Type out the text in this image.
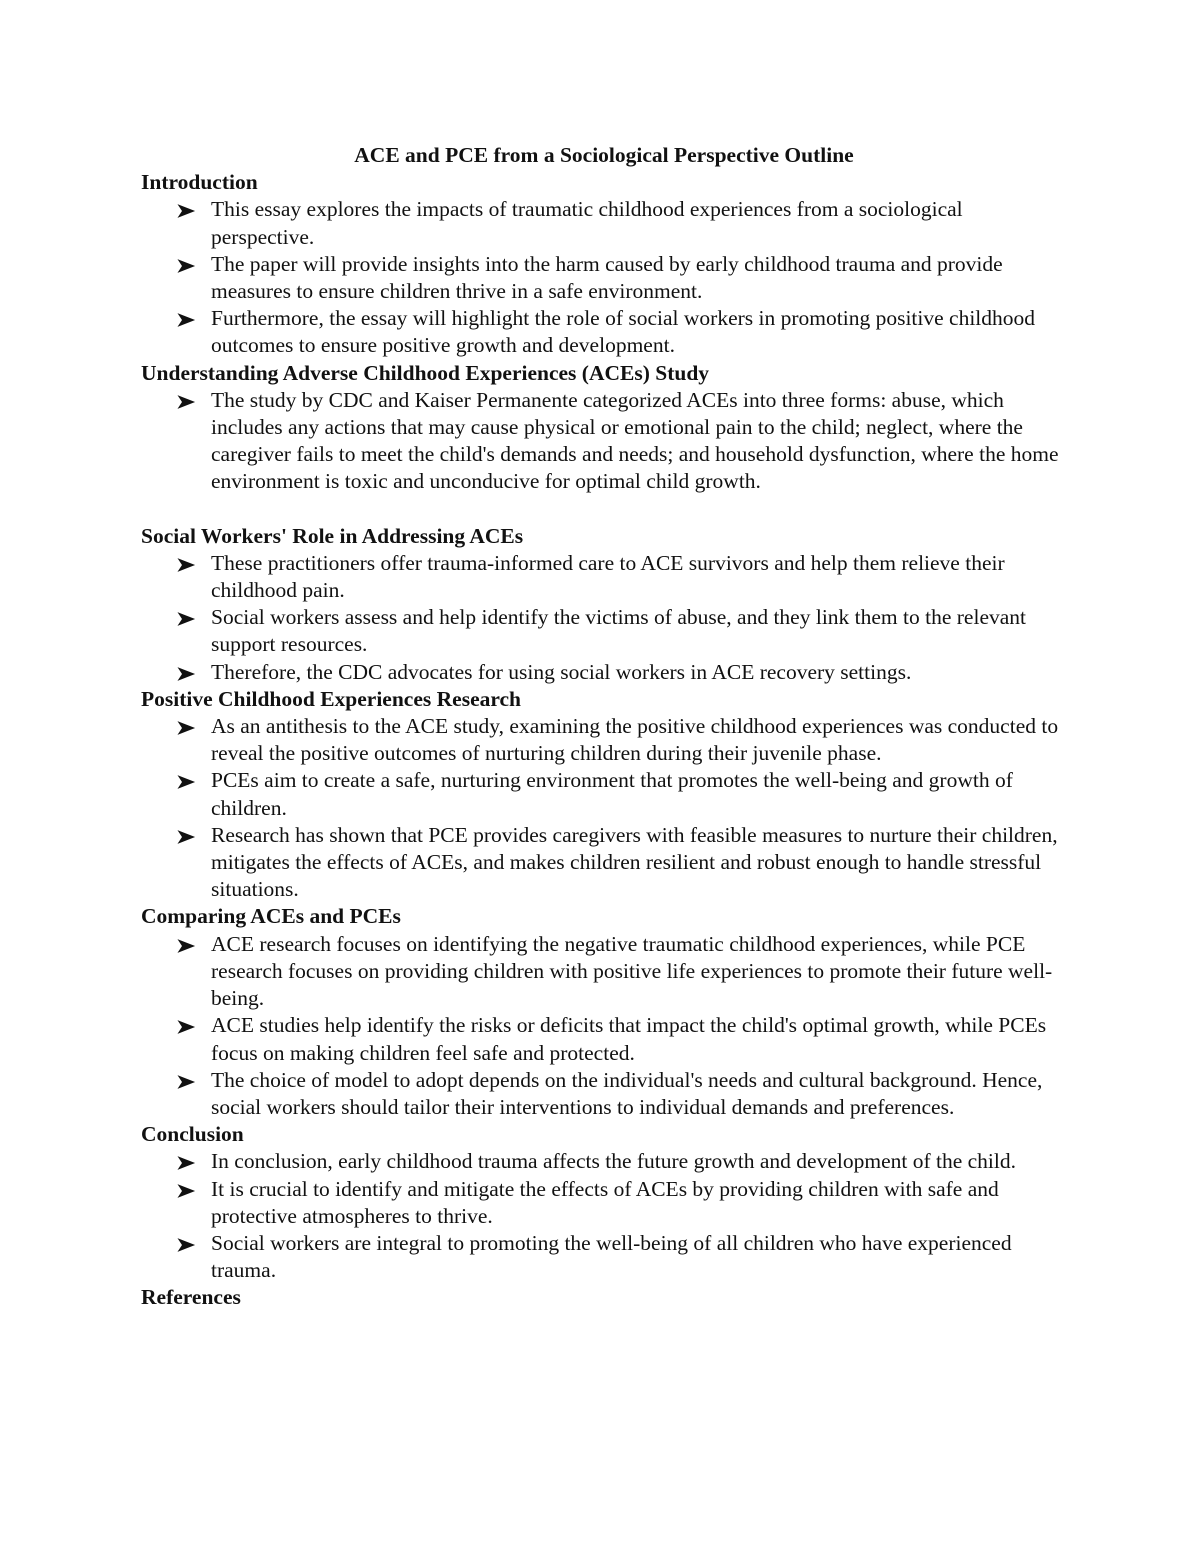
ACE and PCE from a Sociological Perspective Outline

Introduction

This essay explores the impacts of traumatic childhood experiences from a sociological perspective.
The paper will provide insights into the harm caused by early childhood trauma and provide measures to ensure children thrive in a safe environment.
Furthermore, the essay will highlight the role of social workers in promoting positive childhood outcomes to ensure positive growth and development.

Understanding Adverse Childhood Experiences (ACEs) Study

The study by CDC and Kaiser Permanente categorized ACEs into three forms: abuse, which includes any actions that may cause physical or emotional pain to the child; neglect, where the caregiver fails to meet the child's demands and needs; and household dysfunction, where the home environment is toxic and unconducive for optimal child growth.

Social Workers' Role in Addressing ACEs

These practitioners offer trauma-informed care to ACE survivors and help them relieve their childhood pain.
Social workers assess and help identify the victims of abuse, and they link them to the relevant support resources.
Therefore, the CDC advocates for using social workers in ACE recovery settings.

Positive Childhood Experiences Research

As an antithesis to the ACE study, examining the positive childhood experiences was conducted to reveal the positive outcomes of nurturing children during their juvenile phase.
PCEs aim to create a safe, nurturing environment that promotes the well-being and growth of children.
Research has shown that PCE provides caregivers with feasible measures to nurture their children, mitigates the effects of ACEs, and makes children resilient and robust enough to handle stressful situations.

Comparing ACEs and PCEs

ACE research focuses on identifying the negative traumatic childhood experiences, while PCE research focuses on providing children with positive life experiences to promote their future well-being.
ACE studies help identify the risks or deficits that impact the child's optimal growth, while PCEs focus on making children feel safe and protected.
The choice of model to adopt depends on the individual's needs and cultural background. Hence, social workers should tailor their interventions to individual demands and preferences.

Conclusion

In conclusion, early childhood trauma affects the future growth and development of the child.
It is crucial to identify and mitigate the effects of ACEs by providing children with safe and protective atmospheres to thrive.
Social workers are integral to promoting the well-being of all children who have experienced trauma.

References
